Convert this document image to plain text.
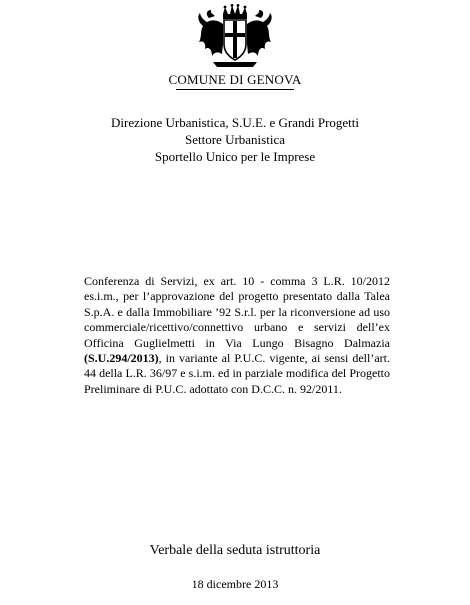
COMUNE DI GENOVA
Direzione Urbanistica, S.U.E. e Grandi Progetti
Settore Urbanistica
Sportello Unico per le Imprese
Conferenza di Servizi, ex art. 10 - comma 3 L.R. 10/2012 es.i.m., per l’approvazione del progetto presentato dalla Talea S.p.A. e dalla Immobiliare ’92 S.r.l. per la riconversione ad uso commerciale/ricettivo/connettivo urbano e servizi dell’ex Officina Guglielmetti in Via Lungo Bisagno Dalmazia (S.U.294/2013), in variante al P.U.C. vigente, ai sensi dell’art. 44 della L.R. 36/97 e s.i.m. ed in parziale modifica del Progetto Preliminare di P.U.C. adottato con D.C.C. n. 92/2011.
Verbale della seduta istruttoria
18 dicembre 2013
